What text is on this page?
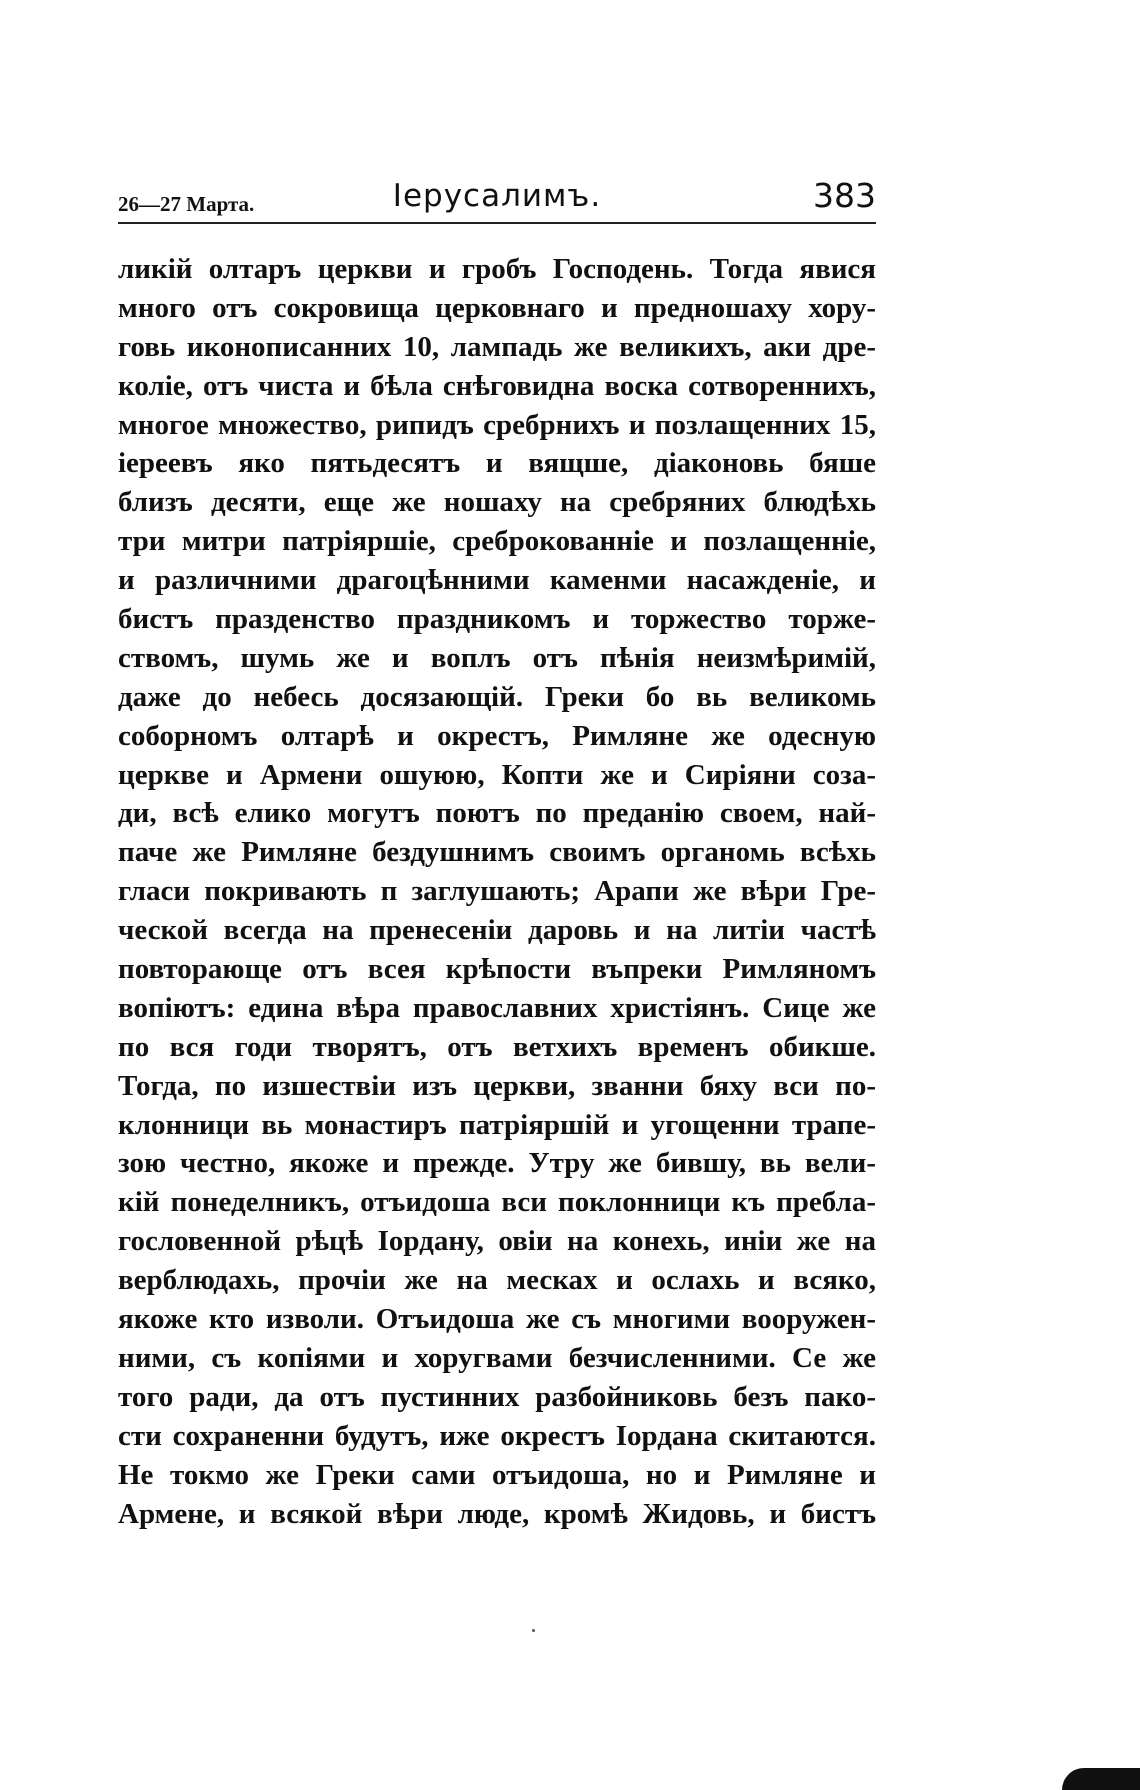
26—27 Марта.	Іерусалимъ.	383
ликій олтаръ церкви и гробъ Господень. Тогда явися
много отъ сокровища церковнаго и предношаху хору-
говь иконописанних 10, лампадь же великихъ, аки дре-
коліе, отъ чиста и бѣла снѣговидна воска сотвореннихъ,
многое множество, рипидъ сребрнихъ и позлащенних 15,
іереевъ яко пятьдесятъ и вящше, діаконовь бяше
близъ десяти, еще же ношаху на сребряних блюдѣхь
три митри патріяршіе, среброкованніе и позлащенніе,
и различними драгоцѣнними каменми насажденіе, и
бистъ празденство праздникомъ и торжество торже-
ствомъ, шумь же и воплъ отъ пѣнія неизмѣримій,
даже до небесь досязающій. Греки бо вь великомь
соборномъ олтарѣ и окрестъ, Римляне же одесную
церкве и Армени ошуюю, Копти же и Сиріяни соза-
ди, всѣ елико могутъ поютъ по преданію своем, най-
паче же Римляне бездушнимъ своимъ органомь всѣхь
гласи покривають п заглушають; Арапи же вѣри Гре-
ческой всегда на пренесеніи даровь и на литіи частѣ
повторающе отъ всея крѣпости въпреки Римляномъ
вопіютъ: едина вѣра православних христіянъ. Сице же
по вся годи творятъ, отъ ветхихъ временъ обикше.
Тогда, по изшествіи изъ церкви, званни бяху вси по-
клонници вь монастиръ патріяршій и угощенни трапе-
зою честно, якоже и прежде. Утру же бившу, вь вели-
кій понеделникъ, отъидоша вси поклонници къ пребла-
гословенной рѣцѣ Іордану, овіи на конехь, иніи же на
верблюдахь, прочіи же на месках и ослахь и всяко,
якоже кто изволи. Отъидоша же съ многими вооружен-
ними, съ копіями и хоругвами безчисленними. Се же
того ради, да отъ пустинних разбойниковь безъ пако-
сти сохраненни будутъ, иже окрестъ Іордана скитаются.
Не токмо же Греки сами отъидоша, но и Римляне и
Армене, и всякой вѣри люде, кромѣ Жидовь, и бистъ
